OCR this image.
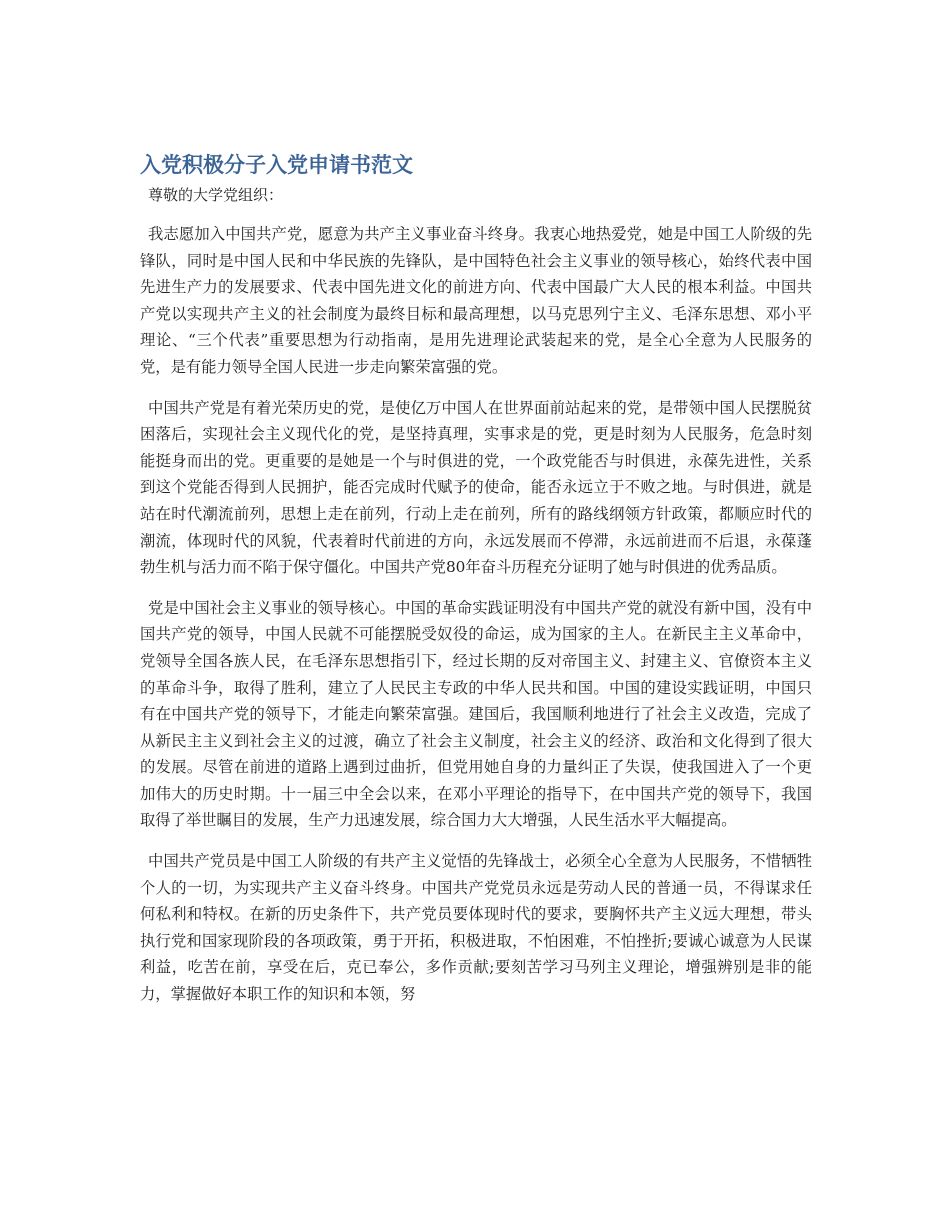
入党积极分子入党申请书范文

尊敬的大学党组织：

我志愿加入中国共产党，愿意为共产主义事业奋斗终身。我衷心地热爱党，她是中国工人阶级的先锋队，同时是中国人民和中华民族的先锋队，是中国特色社会主义事业的领导核心，始终代表中国先进生产力的发展要求、代表中国先进文化的前进方向、代表中国最广大人民的根本利益。中国共产党以实现共产主义的社会制度为最终目标和最高理想，以马克思列宁主义、毛泽东思想、邓小平理论、“三个代表”重要思想为行动指南，是用先进理论武装起来的党，是全心全意为人民服务的党，是有能力领导全国人民进一步走向繁荣富强的党。

中国共产党是有着光荣历史的党，是使亿万中国人在世界面前站起来的党，是带领中国人民摆脱贫困落后，实现社会主义现代化的党，是坚持真理，实事求是的党，更是时刻为人民服务，危急时刻能挺身而出的党。更重要的是她是一个与时俱进的党，一个政党能否与时俱进，永葆先进性，关系到这个党能否得到人民拥护，能否完成时代赋予的使命，能否永远立于不败之地。与时俱进，就是站在时代潮流前列，思想上走在前列，行动上走在前列，所有的路线纲领方针政策，都顺应时代的潮流，体现时代的风貌，代表着时代前进的方向，永远发展而不停滞，永远前进而不后退，永葆蓬勃生机与活力而不陷于保守僵化。中国共产党80年奋斗历程充分证明了她与时俱进的优秀品质。

党是中国社会主义事业的领导核心。中国的革命实践证明没有中国共产党的就没有新中国，没有中国共产党的领导，中国人民就不可能摆脱受奴役的命运，成为国家的主人。在新民主主义革命中，党领导全国各族人民，在毛泽东思想指引下，经过长期的反对帝国主义、封建主义、官僚资本主义的革命斗争，取得了胜利，建立了人民民主专政的中华人民共和国。中国的建设实践证明，中国只有在中国共产党的领导下，才能走向繁荣富强。建国后，我国顺利地进行了社会主义改造，完成了从新民主主义到社会主义的过渡，确立了社会主义制度，社会主义的经济、政治和文化得到了很大的发展。尽管在前进的道路上遇到过曲折，但党用她自身的力量纠正了失误，使我国进入了一个更加伟大的历史时期。十一届三中全会以来，在邓小平理论的指导下，在中国共产党的领导下，我国取得了举世瞩目的发展，生产力迅速发展，综合国力大大增强，人民生活水平大幅提高。

中国共产党员是中国工人阶级的有共产主义觉悟的先锋战士，必须全心全意为人民服务，不惜牺牲个人的一切，为实现共产主义奋斗终身。中国共产党党员永远是劳动人民的普通一员，不得谋求任何私利和特权。在新的历史条件下，共产党员要体现时代的要求，要胸怀共产主义远大理想，带头执行党和国家现阶段的各项政策，勇于开拓，积极进取，不怕困难，不怕挫折;要诚心诚意为人民谋利益，吃苦在前，享受在后，克已奉公，多作贡献;要刻苦学习马列主义理论，增强辨别是非的能力，掌握做好本职工作的知识和本领，努
